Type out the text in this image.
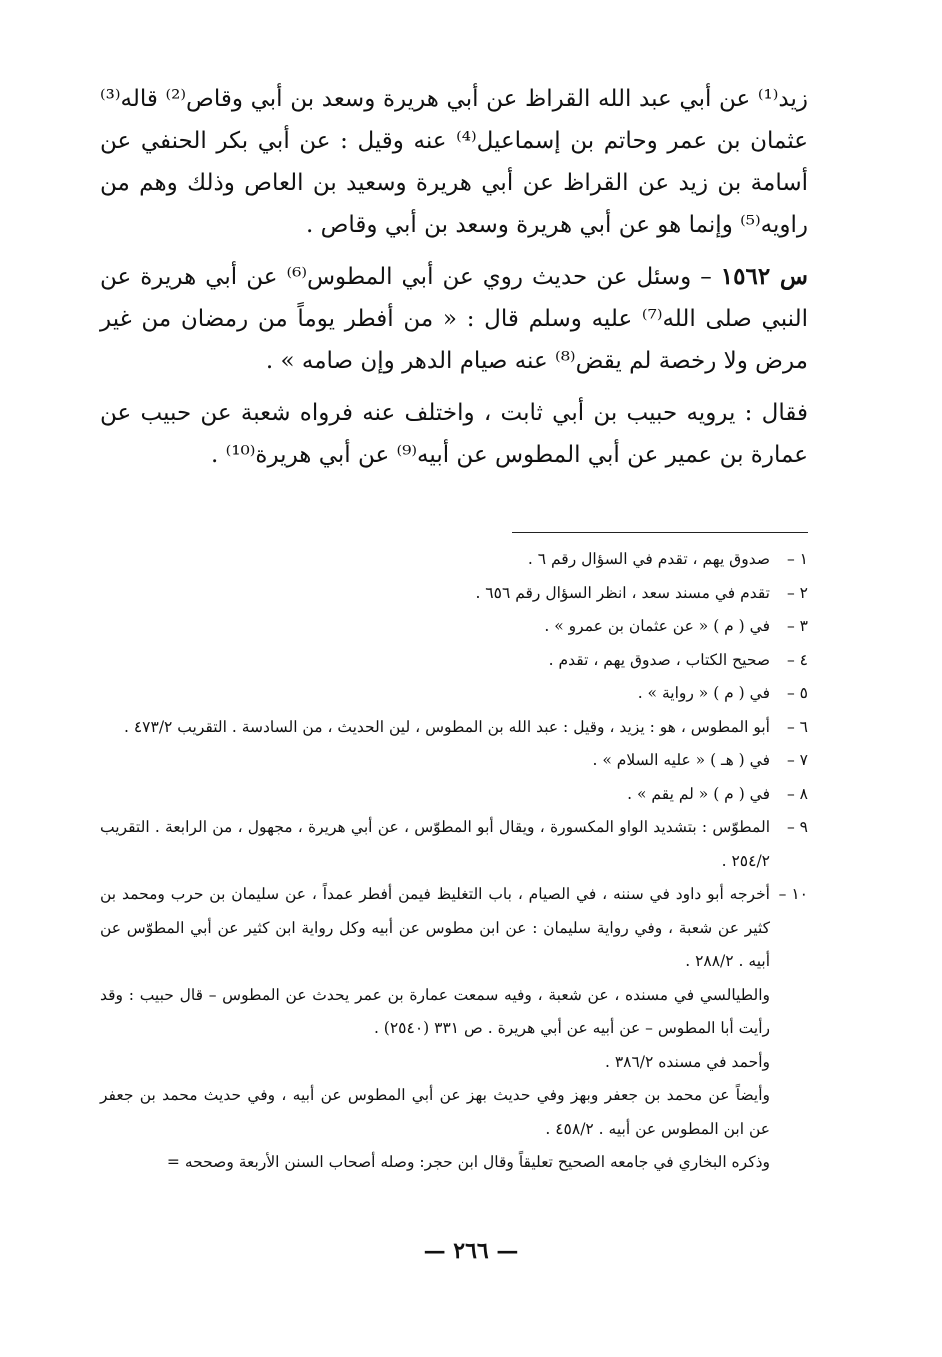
زيد⁽¹⁾ عن أبي عبد الله القراظ عن أبي هريرة وسعد بن أبي وقاص⁽²⁾ قاله⁽³⁾ عثمان بن عمر وحاتم بن إسماعيل⁽⁴⁾ عنه وقيل : عن أبي بكر الحنفي عن أسامة بن زيد عن القراظ عن أبي هريرة وسعيد بن العاص وذلك وهم من راويه⁽⁵⁾ وإنما هو عن أبي هريرة وسعد بن أبي وقاص .

س ١٥٦٢ – وسئل عن حديث روي عن أبي المطوس⁽⁶⁾ عن أبي هريرة عن النبي صلى الله⁽⁷⁾ عليه وسلم قال : « من أفطر يوماً من رمضان من غير مرض ولا رخصة لم يقض⁽⁸⁾ عنه صيام الدهر وإن صامه » .

فقال : يرويه حبيب بن أبي ثابت ، واختلف عنه فرواه شعبة عن حبيب عن عمارة بن عمير عن أبي المطوس عن أبيه⁽⁹⁾ عن أبي هريرة⁽¹⁰⁾ .

١ –
صدوق يهم ، تقدم في السؤال رقم ٦ .
٢ –
تقدم في مسند سعد ، انظر السؤال رقم ٦٥٦ .
٣ –
في ( م ) « عن عثمان بن عمرو » .
٤ –
صحيح الكتاب ، صدوق يهم ، تقدم .
٥ –
في ( م ) « رواية » .
٦ –
أبو المطوس ، هو : يزيد ، وقيل : عبد الله بن المطوس ، لين الحديث ، من السادسة . التقريب ٤٧٣/٢ .
٧ –
في ( هـ ) « عليه السلام » .
٨ –
في ( م ) « لم يقم » .
٩ –
المطوّس : بتشديد الواو المكسورة ، ويقال أبو المطوّس ، عن أبي هريرة ، مجهول ، من الرابعة . التقريب ٢٥٤/٢ .
١٠ –
أخرجه أبو داود في سننه ، في الصيام ، باب التغليظ فيمن أفطر عمداً ، عن سليمان بن حرب ومحمد بن كثير عن شعبة ، وفي رواية سليمان : عن ابن مطوس عن أبيه وكل رواية ابن كثير عن أبي المطوّس عن أبيه . ٢٨٨/٢ .
والطيالسي في مسنده ، عن شعبة ، وفيه سمعت عمارة بن عمر يحدث عن المطوس – قال حبيب : وقد رأيت أبا المطوس – عن أبيه عن أبي هريرة . ص ٣٣١ (٢٥٤٠) .
وأحمد في مسنده ٣٨٦/٢ .
وأيضاً عن محمد بن جعفر وبهز وفي حديث بهز عن أبي المطوس عن أبيه ، وفي حديث محمد بن جعفر عن ابن المطوس عن أبيه . ٤٥٨/٢ .
وذكره البخاري في جامعه الصحيح تعليقاً وقال ابن حجر: وصله أصحاب السنن الأربعة وصححه =
— ٢٦٦ —
